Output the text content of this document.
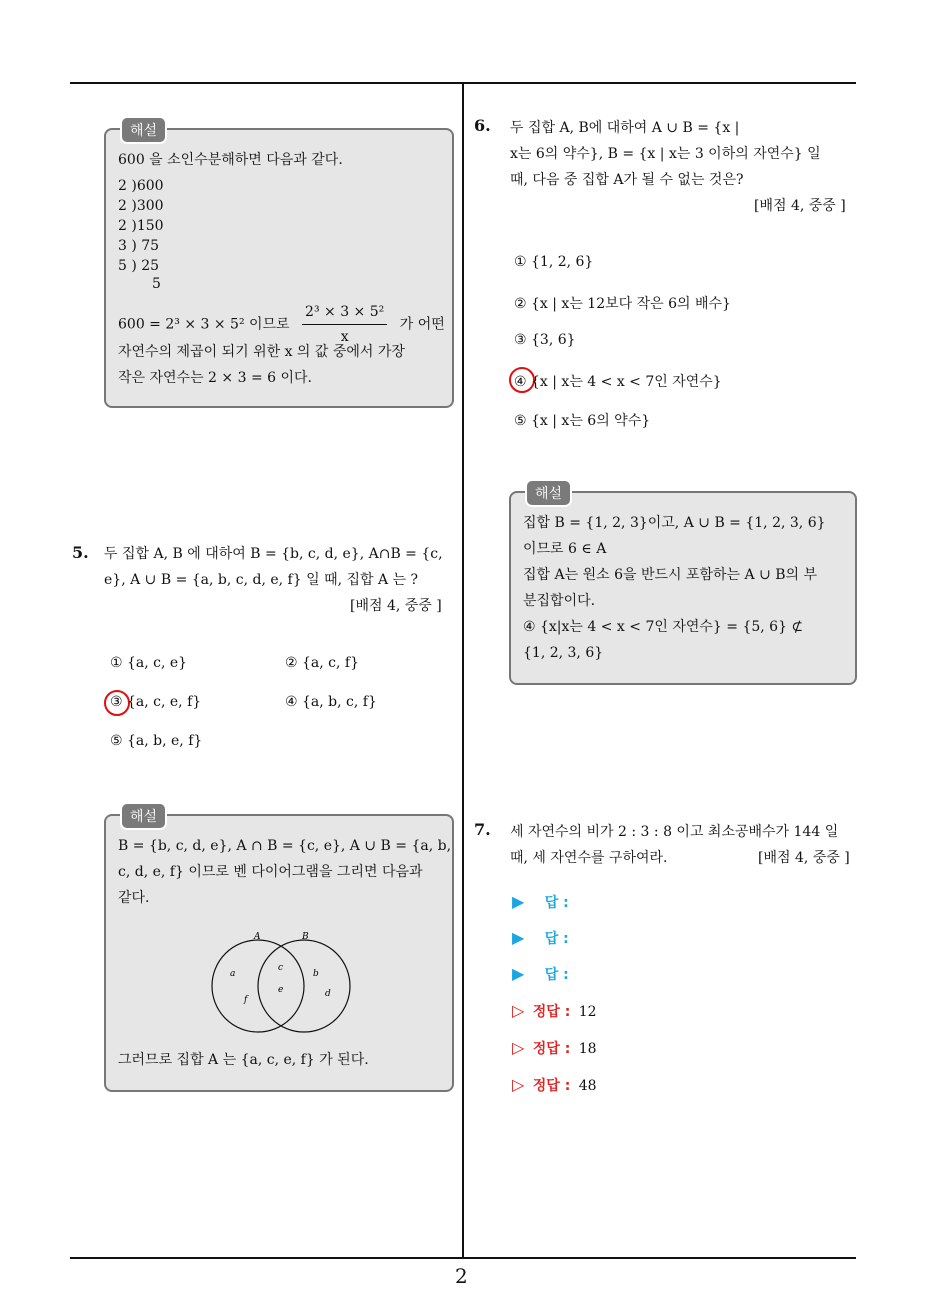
2
해설
600 을 소인수분해하면 다음과 같다.
2 )600
2 )300
2 )150
3 ) 75
5 ) 25
5
600 = 2³ × 3 × 5² 이므로 $\frac{\text{2³ × 3 × 5²}}{x}$ 가 어떤
자연수의 제곱이 되기 위한 x 의 값 중에서 가장
작은 자연수는 2 × 3 = 6 이다.
5. 두 집합 A, B 에 대하여 B = {b, c, d, e}, A∩B = {c,
e}, A ∪ B = {a, b, c, d, e, f} 일 때, 집합 A 는 ?
[배점 4, 중중 ]
① {a, c, e}	② {a, c, f}
③ {a, c, e, f}	④ {a, b, c, f}
⑤ {a, b, e, f}
해설
B = {b, c, d, e}, A ∩ B = {c, e}, A ∪ B = {a, b,
c, d, e, f} 이므로 벤 다이어그램을 그리면 다음과
같다.
A	B
a
f
c
e
b
d
그러므로 집합 A 는 {a, c, e, f} 가 된다.
6. 두 집합 A, B에 대하여 A ∪ B = {x |
x는 6의 약수}, B = {x | x는 3 이하의 자연수} 일
때, 다음 중 집합 A가 될 수 없는 것은?
[배점 4, 중중 ]
① {1, 2, 6}
② {x | x는 12보다 작은 6의 배수}
③ {3, 6}
④ {x | x는 4 < x < 7인 자연수}
⑤ {x | x는 6의 약수}
해설
집합 B = {1, 2, 3}이고, A ∪ B = {1, 2, 3, 6}
이므로 6 ∈ A
집합 A는 원소 6을 반드시 포함하는 A ∪ B의 부
분집합이다.
④ {x|x는 4 < x < 7인 자연수} = {5, 6} ⊄
{1, 2, 3, 6}
7. 세 자연수의 비가 2 : 3 : 8 이고 최소공배수가 144 일
때, 세 자연수를 구하여라.	[배점 4, 중중 ]
▶ 답 :
▶ 답 :
▶ 답 :
▷ 정답 : 12
▷ 정답 : 18
▷ 정답 : 48
